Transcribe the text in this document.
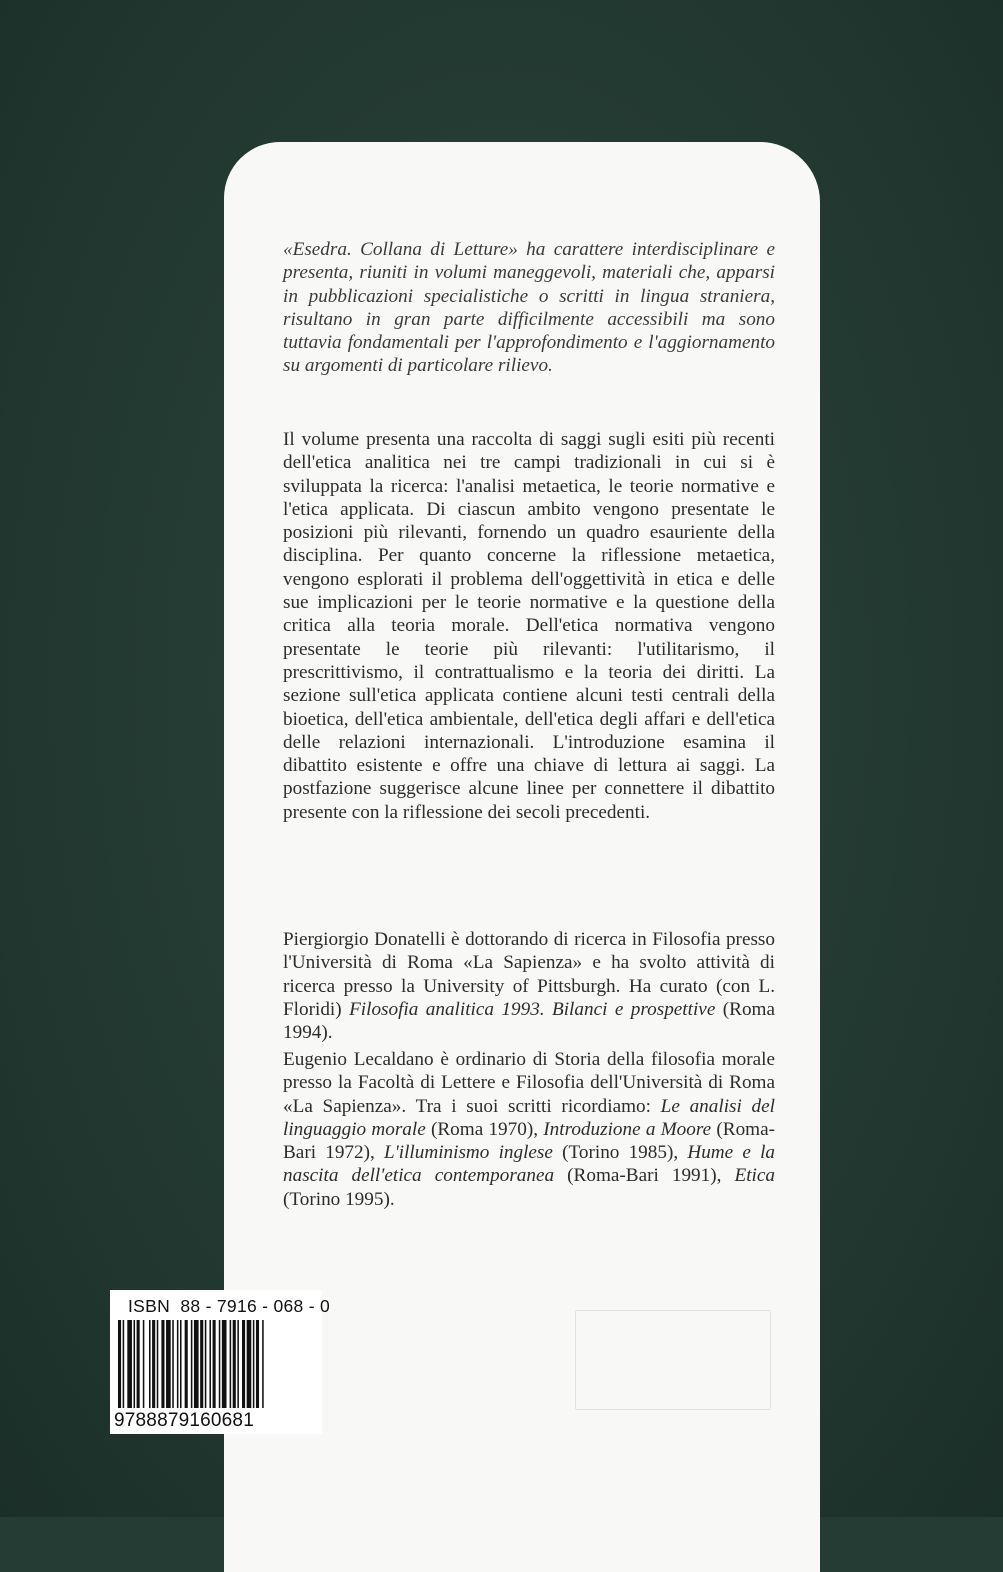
«Esedra. Collana di Letture» ha carattere interdisciplinare e presenta, riuniti in volumi maneggevoli, materiali che, apparsi in pubblicazioni specialistiche o scritti in lingua straniera, risultano in gran parte difficilmente accessibili ma sono tuttavia fondamentali per l'approfondimento e l'aggiornamento su argomenti di particolare rilievo.

Il volume presenta una raccolta di saggi sugli esiti più recenti dell'etica analitica nei tre campi tradizionali in cui si è sviluppata la ricerca: l'analisi metaetica, le teorie normative e l'etica applicata. Di ciascun ambito vengono presentate le posizioni più rilevanti, fornendo un quadro esauriente della disciplina. Per quanto concerne la riflessione metaetica, vengono esplorati il problema dell'oggettività in etica e delle sue implicazioni per le teorie normative e la questione della critica alla teoria morale. Dell'etica normativa vengono presentate le teorie più rilevanti: l'utilitarismo, il prescrittivismo, il contrattualismo e la teoria dei diritti. La sezione sull'etica applicata contiene alcuni testi centrali della bioetica, dell'etica ambientale, dell'etica degli affari e dell'etica delle relazioni internazionali. L'introduzione esamina il dibattito esistente e offre una chiave di lettura ai saggi. La postfazione suggerisce alcune linee per connettere il dibattito presente con la riflessione dei secoli precedenti.

Piergiorgio Donatelli è dottorando di ricerca in Filosofia presso l'Università di Roma «La Sapienza» e ha svolto attività di ricerca presso la University of Pittsburgh. Ha curato (con L. Floridi) Filosofia analitica 1993. Bilanci e prospettive (Roma 1994).

Eugenio Lecaldano è ordinario di Storia della filosofia morale presso la Facoltà di Lettere e Filosofia dell'Università di Roma «La Sapienza». Tra i suoi scritti ricordiamo: Le analisi del linguaggio morale (Roma 1970), Introduzione a Moore (Roma-Bari 1972), L'illuminismo inglese (Torino 1985), Hume e la nascita dell'etica contemporanea (Roma-Bari 1991), Etica (Torino 1995).

ISBN  88 - 7916 - 068 - 0
9788879160681
